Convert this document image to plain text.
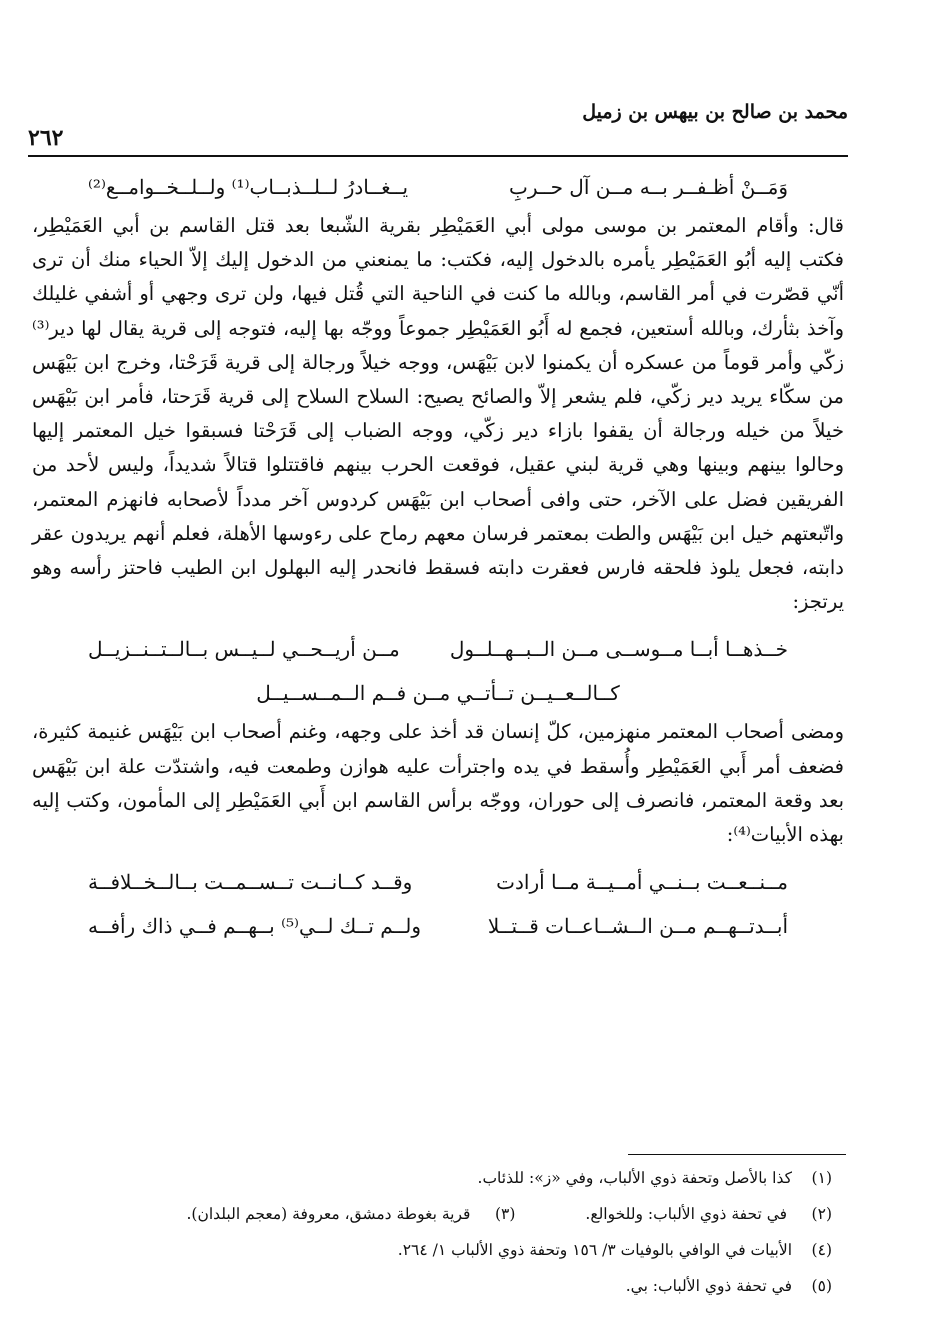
محمد بن صالح بن بيهس بن زميل
٢٦٢
وَمَــنْ أظـفــر بــه مــن آل حــربِ
يــغــادرُ لــلــذبــاب⁽¹⁾ ولــلــخــوامــع⁽²⁾

قال: وأقام المعتمر بن موسى مولى أبي العَمَيْطِر بقرية الشّبعا بعد قتل القاسم بن أبي العَمَيْطِر، فكتب إليه أبُو العَمَيْطِر يأمره بالدخول إليه، فكتب: ما يمنعني من الدخول إليك إلاّ الحياء منك أن ترى أنّي قصّرت في أمر القاسم، وبالله ما كنت في الناحية التي قُتل فيها، ولن ترى وجهي أو أشفي غليلك وآخذ بثأرك، وبالله أستعين، فجمع له أَبُو العَمَيْطِر جموعاً ووجّه بها إليه، فتوجه إلى قرية يقال لها دير⁽³⁾ زكّي وأمر قوماً من عسكره أن يكمنوا لابن بَيْهَس، ووجه خيلاً ورجالة إلى قرية قَرَحْتا، وخرج ابن بَيْهَس من سكّاء يريد دير زكّي، فلم يشعر إلاّ والصائح يصيح: السلاح السلاح إلى قرية قَرَحتا، فأمر ابن بَيْهَس خيلاً من خيله ورجالة أن يقفوا بازاء دير زكّي، ووجه الضباب إلى قَرَحْتا فسبقوا خيل المعتمر إليها وحالوا بينهم وبينها وهي قرية لبني عقيل، فوقعت الحرب بينهم فاقتتلوا قتالاً شديداً، وليس لأحد من الفريقين فضل على الآخر، حتى وافى أصحاب ابن بَيْهَس كردوس آخر مدداً لأصحابه فانهزم المعتمر، واتّبعتهم خيل ابن بَيْهَس والطت بمعتمر فرسان معهم رماح على رءوسها الأهلة، فعلم أنهم يريدون عقر دابته، فجعل يلوذ فلحقه فارس فعقرت دابته فسقط فانحدر إليه البهلول ابن الطيب فاحتز رأسه وهو يرتجز:

خــذهــا أبــا مــوســى مــن الــبــهــلــول
مــن أريــحــي لــيــس بــالــتــنــزيــل
كــالــعــيــن تــأتــي مــن فــم الــمــســيــل

ومضى أصحاب المعتمر منهزمين، كلّ إنسان قد أخذ على وجهه، وغنم أصحاب ابن بَيْهَس غنيمة كثيرة، فضعف أمر أَبي العَمَيْطِر وأُسقط في يده واجترأت عليه هوازن وطمعت فيه، واشتدّت علة ابن بَيْهَس بعد وقعة المعتمر، فانصرف إلى حوران، ووجّه برأس القاسم ابن أَبي العَمَيْطِر إلى المأمون، وكتب إليه بهذه الأبيات⁽⁴⁾:

مــنــعــت بــنــي أمــيــة مــا أرادت
وقــد كــانــت تــســمــت بــالــخــلافــة
أبــدتــهــم مــن الــشــاعــات قــتــلا
ولــم تــك لــي⁽⁵⁾ بــهــم فــي ذاك رأفــه
(١)
كذا بالأصل وتحفة ذوي الألباب، وفي «ز»: للذئاب.
(٢) في تحفة ذوي الألباب: وللخوالع.
(٣) قرية بغوطة دمشق، معروفة (معجم البلدان).
(٤)
الأبيات في الوافي بالوفيات ٣/ ١٥٦ وتحفة ذوي الألباب ١/ ٢٦٤.
(٥)
في تحفة ذوي الألباب: بي.
